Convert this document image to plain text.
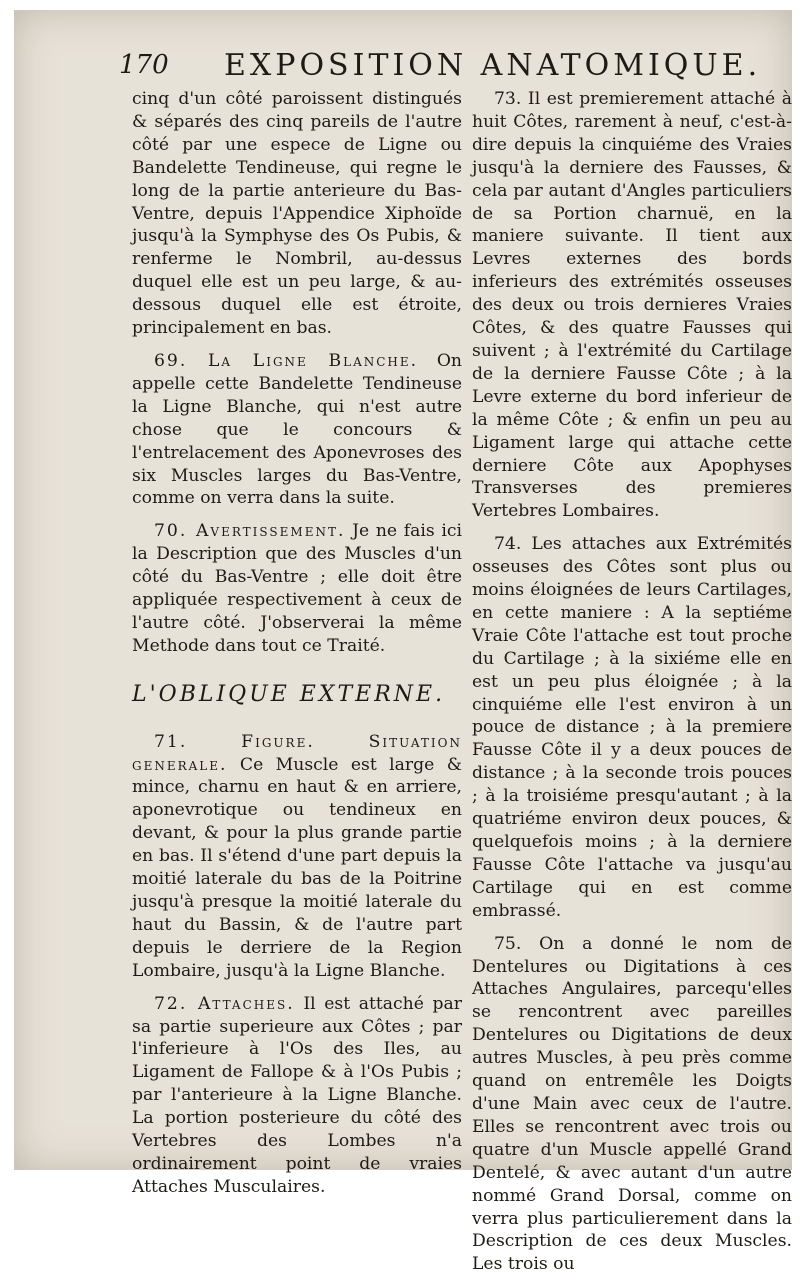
170 EXPOSITION ANATOMIQUE.

cinq d'un côté paroissent distingués & séparés des cinq pareils de l'autre côté par une espece de Ligne ou Bandelette Tendineuse, qui regne le long de la partie anterieure du Bas-Ventre, depuis l'Appendice Xiphoïde jusqu'à la Symphyse des Os Pubis, & renferme le Nombril, au-dessus duquel elle est un peu large, & au-dessous duquel elle est étroite, principalement en bas.

69. La Ligne Blanche. On appelle cette Bandelette Tendineuse la Ligne Blanche, qui n'est autre chose que le concours & l'entrelacement des Aponevroses des six Muscles larges du Bas-Ventre, comme on verra dans la suite.

70. Avertissement. Je ne fais ici la Description que des Muscles d'un côté du Bas-Ventre ; elle doit être appliquée respectivement à ceux de l'autre côté. J'observerai la même Methode dans tout ce Traité.

L'OBLIQUE EXTERNE.

71. Figure. Situation generale. Ce Muscle est large & mince, charnu en haut & en arriere, aponevrotique ou tendineux en devant, & pour la plus grande partie en bas. Il s'étend d'une part depuis la moitié laterale du bas de la Poitrine jusqu'à presque la moitié laterale du haut du Bassin, & de l'autre part depuis le derriere de la Region Lombaire, jusqu'à la Ligne Blanche.

72. Attaches. Il est attaché par sa partie superieure aux Côtes ; par l'inferieure à l'Os des Iles, au Ligament de Fallope & à l'Os Pubis ; par l'anterieure à la Ligne Blanche. La portion posterieure du côté des Vertebres des Lombes n'a ordinairement point de vraies Attaches Musculaires.

73. Il est premierement attaché à huit Côtes, rarement à neuf, c'est-à-dire depuis la cinquiéme des Vraies jusqu'à la derniere des Fausses, & cela par autant d'Angles particuliers de sa Portion charnuë, en la maniere suivante. Il tient aux Levres externes des bords inferieurs des extrémités osseuses des deux ou trois dernieres Vraies Côtes, & des quatre Fausses qui suivent ; à l'extrémité du Cartilage de la derniere Fausse Côte ; à la Levre externe du bord inferieur de la même Côte ; & enfin un peu au Ligament large qui attache cette derniere Côte aux Apophyses Transverses des premieres Vertebres Lombaires.

74. Les attaches aux Extrémités osseuses des Côtes sont plus ou moins éloignées de leurs Cartilages, en cette maniere : A la septiéme Vraie Côte l'attache est tout proche du Cartilage ; à la sixiéme elle en est un peu plus éloignée ; à la cinquiéme elle l'est environ à un pouce de distance ; à la premiere Fausse Côte il y a deux pouces de distance ; à la seconde trois pouces ; à la troisiéme presqu'autant ; à la quatriéme environ deux pouces, & quelquefois moins ; à la derniere Fausse Côte l'attache va jusqu'au Cartilage qui en est comme embrassé.

75. On a donné le nom de Dentelures ou Digitations à ces Attaches Angulaires, parcequ'elles se rencontrent avec pareilles Dentelures ou Digitations de deux autres Muscles, à peu près comme quand on entremêle les Doigts d'une Main avec ceux de l'autre. Elles se rencontrent avec trois ou quatre d'un Muscle appellé Grand Dentelé, & avec autant d'un autre nommé Grand Dorsal, comme on verra plus particulierement dans la Description de ces deux Muscles. Les trois ou
